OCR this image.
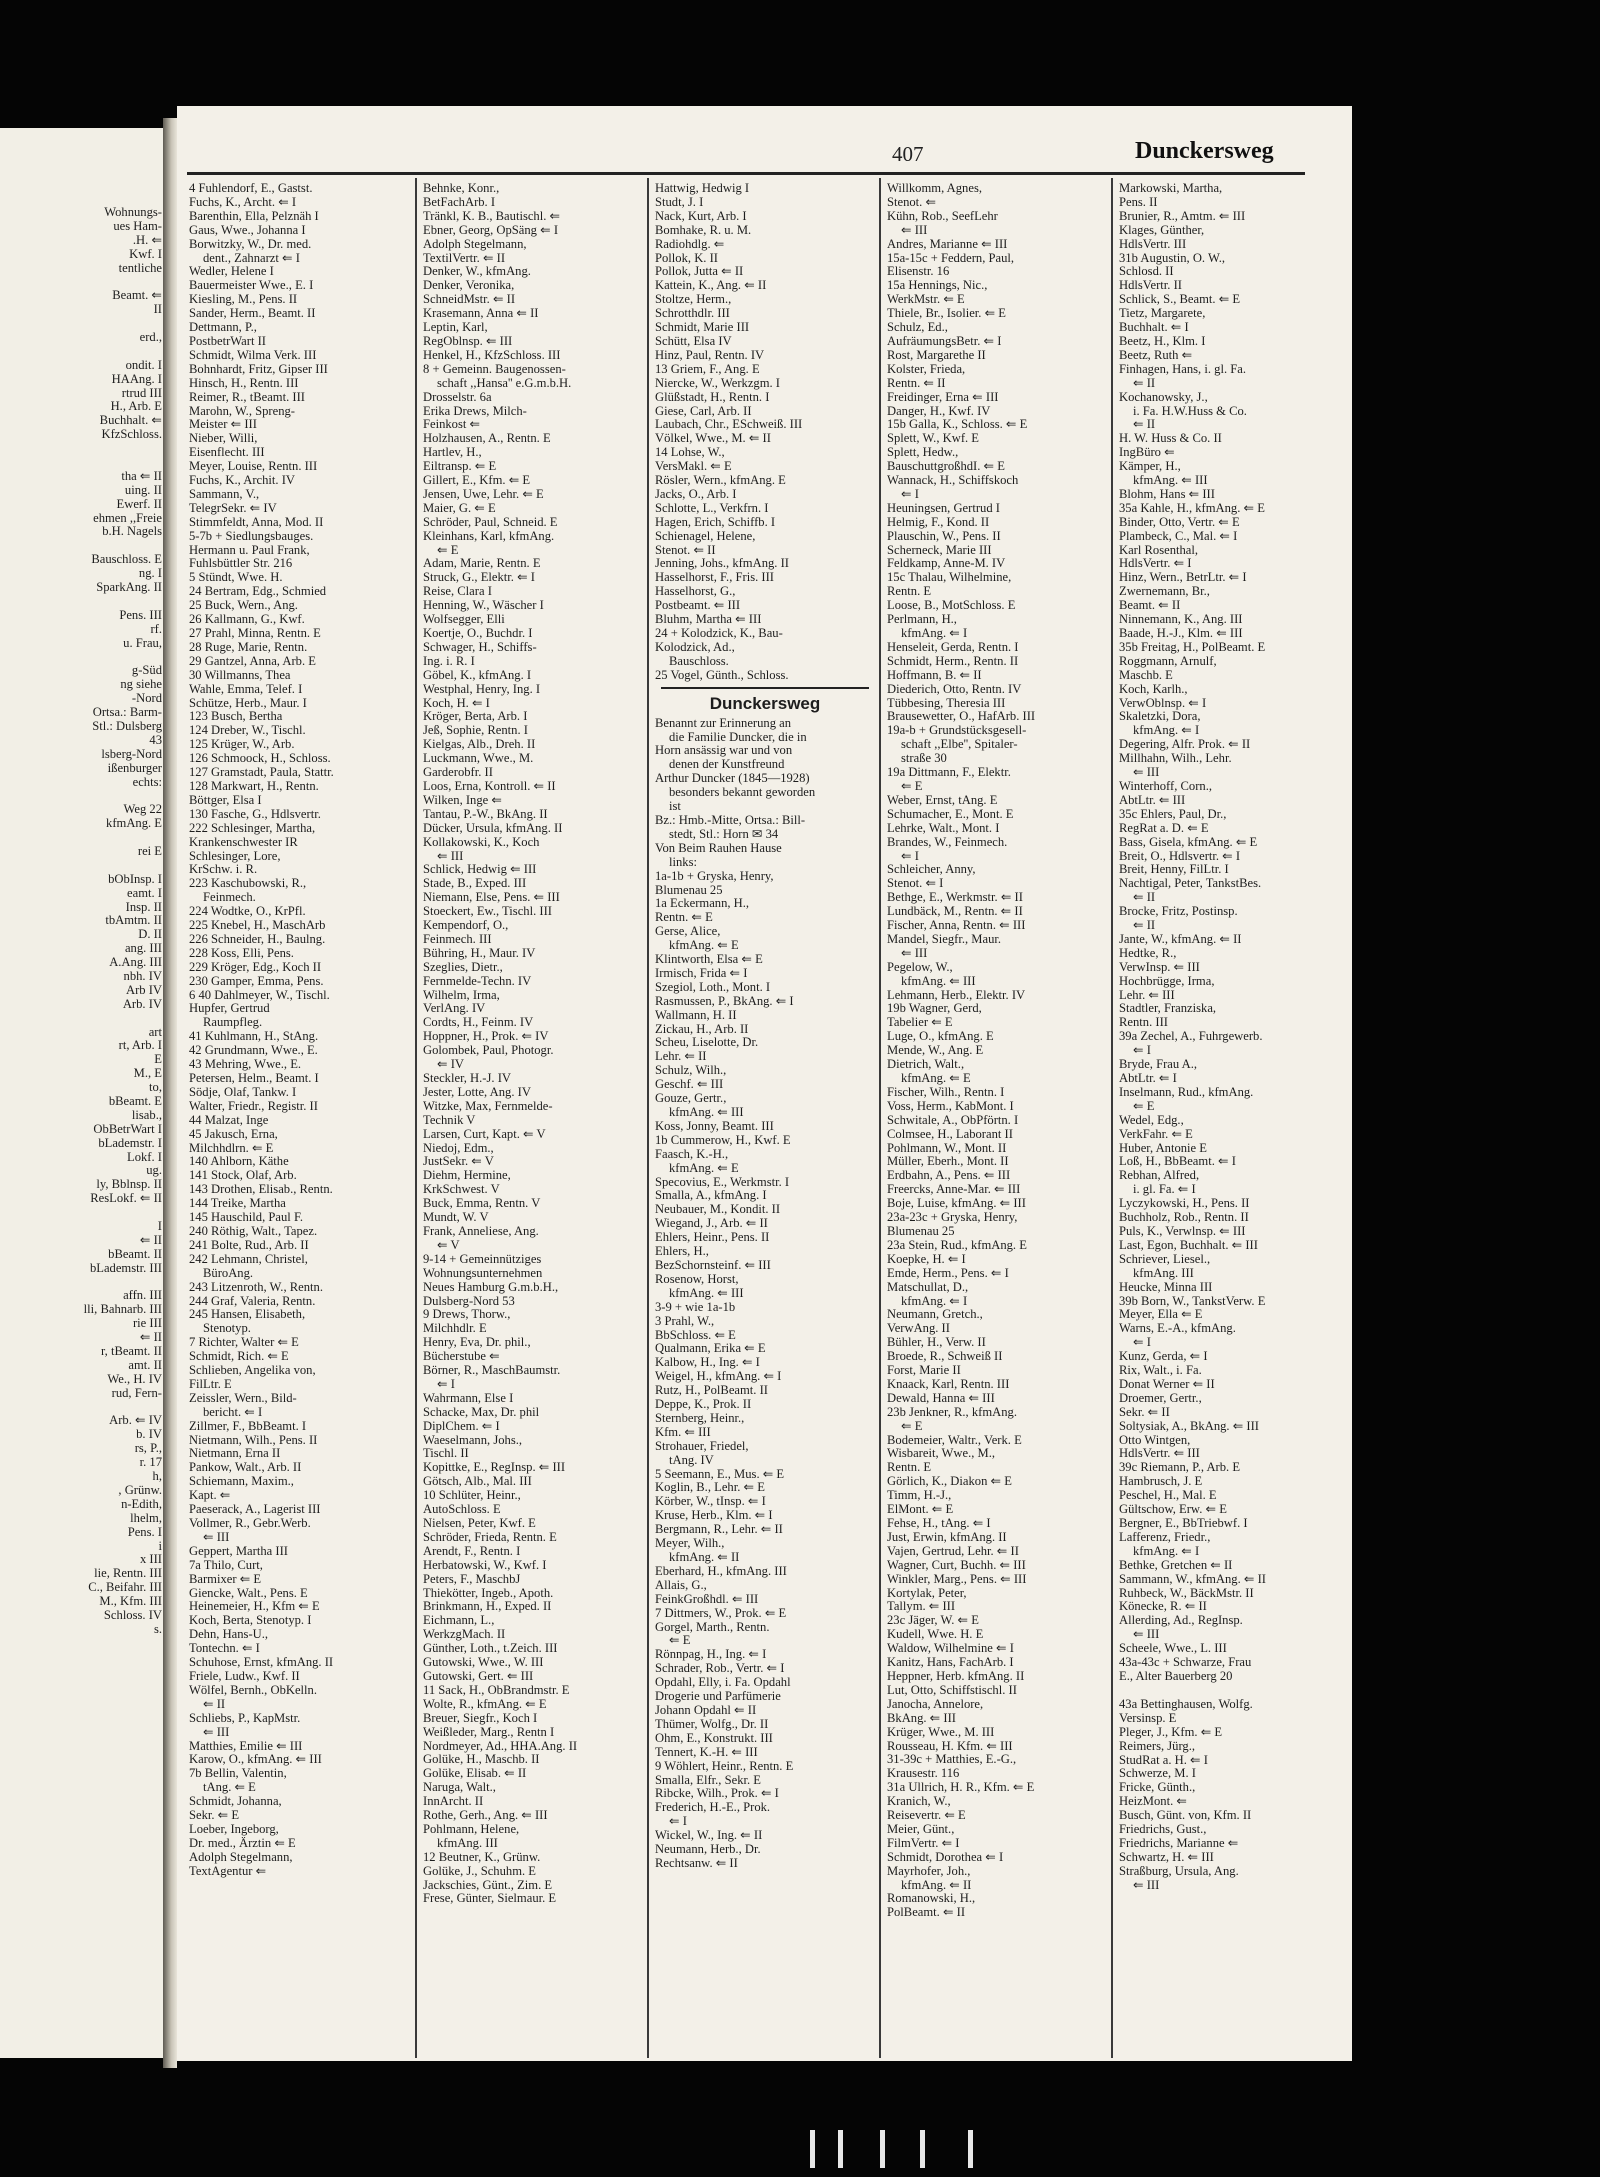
Wohnungs-
ues Ham-
.H. ⇐
Kwf. I
tentliche
Beamt. ⇐
II
erd.,
ondit. I
HAAng. I
rtrud III
H., Arb. E
Buchhalt. ⇐
KfzSchloss.
tha ⇐ II
uing. II
Ewerf. II
ehmen ,,Freie
b.H. Nagels
Bauschloss. E
ng. I
SparkAng. II
Pens. III
rf.
u. Frau,
g-Süd
ng siehe
-Nord
Ortsa.: Barm-
Stl.: Dulsberg
43
lsberg-Nord
ißenburger
echts:
Weg 22
kfmAng. E
rei E
bObInsp. I
eamt. I
Insp. II
tbAmtm. II
D. II
ang. III
A.Ang. III
nbh. IV
Arb IV
Arb. IV
art
rt, Arb. I
E
M., E
to,
bBeamt. E
lisab.,
ObBetrWart I
bLademstr. I
Lokf. I
ug.
ly, Bblnsp. II
ResLokf. ⇐ II
I
⇐ II
bBeamt. II
bLademstr. III
affn. III
lli, Bahnarb. III
rie III
⇐ II
r, tBeamt. II
amt. II
We., H. IV
rud, Fern-
Arb. ⇐ IV
b. IV
rs, P.,
r. 17
h,
, Grünw.
n-Edith,
lhelm,
Pens. I
i
x III
lie, Rentn. III
C., Beifahr. III
M., Kfm. III
Schloss. IV
s.
407	Dunckersweg
4 Fuhlendorf, E., Gastst.
Fuchs, K., Archt. ⇐ I
Barenthin, Ella, Pelznäh I
Gaus, Wwe., Johanna I
Borwitzky, W., Dr. med.
dent., Zahnarzt ⇐ I
Wedler, Helene I
Bauermeister Wwe., E. I
Kiesling, M., Pens. II
Sander, Herm., Beamt. II
Dettmann, P.,
PostbetrWart II
Schmidt, Wilma Verk. III
Bohnhardt, Fritz, Gipser III
Hinsch, H., Rentn. III
Reimer, R., tBeamt. III
Marohn, W., Spreng-
Meister ⇐ III
Nieber, Willi,
Eisenflecht. III
Meyer, Louise, Rentn. III
Fuchs, K., Archit. IV
Sammann, V.,
TelegrSekr. ⇐ IV
Stimmfeldt, Anna, Mod. II
5-7b + Siedlungsbauges.
Hermann u. Paul Frank,
Fuhlsbüttler Str. 216
5 Stündt, Wwe. H.
24 Bertram, Edg., Schmied
25 Buck, Wern., Ang.
26 Kallmann, G., Kwf.
27 Prahl, Minna, Rentn. E
28 Ruge, Marie, Rentn.
29 Gantzel, Anna, Arb. E
30 Willmanns, Thea
Wahle, Emma, Telef. I
Schütze, Herb., Maur. I
123 Busch, Bertha
124 Dreber, W., Tischl.
125 Krüger, W., Arb.
126 Schmoock, H., Schloss.
127 Gramstadt, Paula, Stattr.
128 Markwart, H., Rentn.
Böttger, Elsa I
130 Fasche, G., Hdlsvertr.
222 Schlesinger, Martha,
Krankenschwester IR
Schlesinger, Lore,
KrSchw. i. R.
223 Kaschubowski, R.,
Feinmech.
224 Wodtke, O., KrPfl.
225 Knebel, H., MaschArb
226 Schneider, H., Baulng.
228 Koss, Elli, Pens.
229 Kröger, Edg., Koch II
230 Gamper, Emma, Pens.
6 40 Dahlmeyer, W., Tischl.
Hupfer, Gertrud
Raumpfleg.
41 Kuhlmann, H., StAng.
42 Grundmann, Wwe., E.
43 Mehring, Wwe., E.
Petersen, Helm., Beamt. I
Södje, Olaf, Tankw. I
Walter, Friedr., Registr. II
44 Malzat, Inge
45 Jakusch, Erna,
Milchhdlrn. ⇐ E
140 Ahlborn, Käthe
141 Stock, Olaf, Arb.
143 Drothen, Elisab., Rentn.
144 Treike, Martha
145 Hauschild, Paul F.
240 Röthig, Walt., Tapez.
241 Bolte, Rud., Arb. II
242 Lehmann, Christel,
BüroAng.
243 Litzenroth, W., Rentn.
244 Graf, Valeria, Rentn.
245 Hansen, Elisabeth,
Stenotyp.
7 Richter, Walter ⇐ E
Schmidt, Rich. ⇐ E
Schlieben, Angelika von,
FilLtr. E
Zeissler, Wern., Bild-
bericht. ⇐ I
Zillmer, F., BbBeamt. I
Nietmann, Wilh., Pens. II
Nietmann, Erna II
Pankow, Walt., Arb. II
Schiemann, Maxim.,
Kapt. ⇐
Paeserack, A., Lagerist III
Vollmer, R., Gebr.Werb.
⇐ III
Geppert, Martha III
7a Thilo, Curt,
Barmixer ⇐ E
Giencke, Walt., Pens. E
Heinemeier, H., Kfm ⇐ E
Koch, Berta, Stenotyp. I
Dehn, Hans-U.,
Tontechn. ⇐ I
Schuhose, Ernst, kfmAng. II
Friele, Ludw., Kwf. II
Wölfel, Bernh., ObKelln.
⇐ II
Schliebs, P., KapMstr.
⇐ III
Matthies, Emilie ⇐ III
Karow, O., kfmAng. ⇐ III
7b Bellin, Valentin,
tAng. ⇐ E
Schmidt, Johanna,
Sekr. ⇐ E
Loeber, Ingeborg,
Dr. med., Ärztin ⇐ E
Adolph Stegelmann,
TextAgentur ⇐
Behnke, Konr.,
BetFachArb. I
Tränkl, K. B., Bautischl. ⇐
Ebner, Georg, OpSäng ⇐ I
Adolph Stegelmann,
TextilVertr. ⇐ II
Denker, W., kfmAng.
Denker, Veronika,
SchneidMstr. ⇐ II
Krasemann, Anna ⇐ II
Leptin, Karl,
RegOblnsp. ⇐ III
Henkel, H., KfzSchloss. III
8 + Gemeinn. Baugenossen-
schaft ,,Hansa'' e.G.m.b.H.
Drosselstr. 6a
Erika Drews, Milch-
Feinkost ⇐
Holzhausen, A., Rentn. E
Hartlev, H.,
Eiltransp. ⇐ E
Gillert, E., Kfm. ⇐ E
Jensen, Uwe, Lehr. ⇐ E
Maier, G. ⇐ E
Schröder, Paul, Schneid. E
Kleinhans, Karl, kfmAng.
⇐ E
Adam, Marie, Rentn. E
Struck, G., Elektr. ⇐ I
Reise, Clara I
Henning, W., Wäscher I
Wolfsegger, Elli
Koertje, O., Buchdr. I
Schwager, H., Schiffs-
Ing. i. R. I
Göbel, K., kfmAng. I
Westphal, Henry, Ing. I
Koch, H. ⇐ I
Kröger, Berta, Arb. I
Jeß, Sophie, Rentn. I
Kielgas, Alb., Dreh. II
Luckmann, Wwe., M.
Garderobfr. II
Loos, Erna, Kontroll. ⇐ II
Wilken, Inge ⇐
Tantau, P.-W., BkAng. II
Dücker, Ursula, kfmAng. II
Kollakowski, K., Koch
⇐ III
Schlick, Hedwig ⇐ III
Stade, B., Exped. III
Niemann, Else, Pens. ⇐ III
Stoeckert, Ew., Tischl. III
Kempendorf, O.,
Feinmech. III
Bühring, H., Maur. IV
Szeglies, Dietr.,
Fernmelde-Techn. IV
Wilhelm, Irma,
VerlAng. IV
Cordts, H., Feinm. IV
Hoppner, H., Prok. ⇐ IV
Golombek, Paul, Photogr.
⇐ IV
Steckler, H.-J. IV
Jester, Lotte, Ang. IV
Witzke, Max, Fernmelde-
Technik V
Larsen, Curt, Kapt. ⇐ V
Niedoj, Edm.,
JustSekr. ⇐ V
Diehm, Hermine,
KrkSchwest. V
Buck, Emma, Rentn. V
Mundt, W. V
Frank, Anneliese, Ang.
⇐ V
9-14 + Gemeinnütziges
Wohnungsunternehmen
Neues Hamburg G.m.b.H.,
Dulsberg-Nord 53
9 Drews, Thorw.,
Milchhdlr. E
Henry, Eva, Dr. phil.,
Bücherstube ⇐
Börner, R., MaschBaumstr.
⇐ I
Wahrmann, Else I
Schacke, Max, Dr. phil
DiplChem. ⇐ I
Waeselmann, Johs.,
Tischl. II
Kopittke, E., RegInsp. ⇐ III
Götsch, Alb., Mal. III
10 Schlüter, Heinr.,
AutoSchloss. E
Nielsen, Peter, Kwf. E
Schröder, Frieda, Rentn. E
Arendt, F., Rentn. I
Herbatowski, W., Kwf. I
Peters, F., MaschbJ
Thiekötter, Ingeb., Apoth.
Brinkmann, H., Exped. II
Eichmann, L.,
WerkzgMach. II
Günther, Loth., t.Zeich. III
Gutowski, Wwe., W. III
Gutowski, Gert. ⇐ III
11 Sack, H., ObBrandmstr. E
Wolte, R., kfmAng. ⇐ E
Breuer, Siegfr., Koch I
Weißleder, Marg., Rentn I
Nordmeyer, Ad., HHA.Ang. II
Golüke, H., Maschb. II
Golüke, Elisab. ⇐ II
Naruga, Walt.,
InnArcht. II
Rothe, Gerh., Ang. ⇐ III
Pohlmann, Helene,
kfmAng. III
12 Beutner, K., Grünw.
Golüke, J., Schuhm. E
Jackschies, Günt., Zim. E
Frese, Günter, Sielmaur. E
Hattwig, Hedwig I
Studt, J. I
Nack, Kurt, Arb. I
Bomhake, R. u. M.
Radiohdlg. ⇐
Pollok, K. II
Pollok, Jutta ⇐ II
Kattein, K., Ang. ⇐ II
Stoltze, Herm.,
Schrotthdlr. III
Schmidt, Marie III
Schütt, Elsa IV
Hinz, Paul, Rentn. IV
13 Griem, F., Ang. E
Niercke, W., Werkzgm. I
Glüßstadt, H., Rentn. I
Giese, Carl, Arb. II
Laubach, Chr., ESchweiß. III
Völkel, Wwe., M. ⇐ II
14 Lohse, W.,
VersMakl. ⇐ E
Rösler, Wern., kfmAng. E
Jacks, O., Arb. I
Schlotte, L., Verkfrn. I
Hagen, Erich, Schiffb. I
Schienagel, Helene,
Stenot. ⇐ II
Jenning, Johs., kfmAng. II
Hasselhorst, F., Fris. III
Hasselhorst, G.,
Postbeamt. ⇐ III
Bluhm, Martha ⇐ III
24 + Kolodzick, K., Bau-
Kolodzick, Ad.,
Bauschloss.
25 Vogel, Günth., Schloss.
Dunckersweg
Benannt zur Erinnerung an
die Familie Duncker, die in
Horn ansässig war und von
denen der Kunstfreund
Arthur Duncker (1845—1928)
besonders bekannt geworden
ist
Bz.: Hmb.-Mitte, Ortsa.: Bill-
stedt, Stl.: Horn ✉ 34
Von Beim Rauhen Hause
links:
1a-1b + Gryska, Henry,
Blumenau 25
1a Eckermann, H.,
Rentn. ⇐ E
Gerse, Alice,
kfmAng. ⇐ E
Klintworth, Elsa ⇐ E
Irmisch, Frida ⇐ I
Szegiol, Loth., Mont. I
Rasmussen, P., BkAng. ⇐ I
Wallmann, H. II
Zickau, H., Arb. II
Scheu, Liselotte, Dr.
Lehr. ⇐ II
Schulz, Wilh.,
Geschf. ⇐ III
Gouze, Gertr.,
kfmAng. ⇐ III
Koss, Jonny, Beamt. III
1b Cummerow, H., Kwf. E
Faasch, K.-H.,
kfmAng. ⇐ E
Specovius, E., Werkmstr. I
Smalla, A., kfmAng. I
Neubauer, M., Kondit. II
Wiegand, J., Arb. ⇐ II
Ehlers, Heinr., Pens. II
Ehlers, H.,
BezSchornsteinf. ⇐ III
Rosenow, Horst,
kfmAng. ⇐ III
3-9 + wie 1a-1b
3 Prahl, W.,
BbSchloss. ⇐ E
Qualmann, Erika ⇐ E
Kalbow, H., Ing. ⇐ I
Weigel, H., kfmAng. ⇐ I
Rutz, H., PolBeamt. II
Deppe, K., Prok. II
Sternberg, Heinr.,
Kfm. ⇐ III
Strohauer, Friedel,
tAng. IV
5 Seemann, E., Mus. ⇐ E
Koglin, B., Lehr. ⇐ E
Körber, W., tInsp. ⇐ I
Kruse, Herb., Klm. ⇐ I
Bergmann, R., Lehr. ⇐ II
Meyer, Wilh.,
kfmAng. ⇐ II
Eberhard, H., kfmAng. III
Allais, G.,
FeinkGroßhdl. ⇐ III
7 Dittmers, W., Prok. ⇐ E
Gorgel, Marth., Rentn.
⇐ E
Rönnpag, H., Ing. ⇐ I
Schrader, Rob., Vertr. ⇐ I
Opdahl, Elly, i. Fa. Opdahl
Drogerie und Parfümerie
Johann Opdahl ⇐ II
Thümer, Wolfg., Dr. II
Ohm, E., Konstrukt. III
Tennert, K.-H. ⇐ III
9 Wöhlert, Heinr., Rentn. E
Smalla, Elfr., Sekr. E
Ribcke, Wilh., Prok. ⇐ I
Frederich, H.-E., Prok.
⇐ I
Wickel, W., Ing. ⇐ II
Neumann, Herb., Dr.
Rechtsanw. ⇐ II
Willkomm, Agnes,
Stenot. ⇐
Kühn, Rob., SeefLehr
⇐ III
Andres, Marianne ⇐ III
15a-15c + Feddern, Paul,
Elisenstr. 16
15a Hennings, Nic.,
WerkMstr. ⇐ E
Thiele, Br., Isolier. ⇐ E
Schulz, Ed.,
AufräumungsBetr. ⇐ I
Rost, Margarethe II
Kolster, Frieda,
Rentn. ⇐ II
Freidinger, Erna ⇐ III
Danger, H., Kwf. IV
15b Galla, K., Schloss. ⇐ E
Splett, W., Kwf. E
Splett, Hedw.,
BauschuttgroßhdI. ⇐ E
Wannack, H., Schiffskoch
⇐ I
Heuningsen, Gertrud I
Helmig, F., Kond. II
Plauschin, W., Pens. II
Scherneck, Marie III
Feldkamp, Anne-M. IV
15c Thalau, Wilhelmine,
Rentn. E
Loose, B., MotSchloss. E
Perlmann, H.,
kfmAng. ⇐ I
Henseleit, Gerda, Rentn. I
Schmidt, Herm., Rentn. II
Hoffmann, B. ⇐ II
Diederich, Otto, Rentn. IV
Tübbesing, Theresia III
Brausewetter, O., HafArb. III
19a-b + Grundstücksgesell-
schaft ,,Elbe'', Spitaler-
straße 30
19a Dittmann, F., Elektr.
⇐ E
Weber, Ernst, tAng. E
Schumacher, E., Mont. E
Lehrke, Walt., Mont. I
Brandes, W., Feinmech.
⇐ I
Schleicher, Anny,
Stenot. ⇐ I
Bethge, E., Werkmstr. ⇐ II
Lundbäck, M., Rentn. ⇐ II
Fischer, Anna, Rentn. ⇐ III
Mandel, Siegfr., Maur.
⇐ III
Pegelow, W.,
kfmAng. ⇐ III
Lehmann, Herb., Elektr. IV
19b Wagner, Gerd,
Tabelier ⇐ E
Luge, O., kfmAng. E
Mende, W., Ang. E
Dietrich, Walt.,
kfmAng. ⇐ E
Fischer, Wilh., Rentn. I
Voss, Herm., KabMont. I
Schwitale, A., ObPförtn. I
Colmsee, H., Laborant II
Pohlmann, W., Mont. II
Müller, Eberh., Mont. II
Erdbahn, A., Pens. ⇐ III
Freercks, Anne-Mar. ⇐ III
Boje, Luise, kfmAng. ⇐ III
23a-23c + Gryska, Henry,
Blumenau 25
23a Stein, Rud., kfmAng. E
Koepke, H. ⇐ I
Emde, Herm., Pens. ⇐ I
Matschullat, D.,
kfmAng. ⇐ I
Neumann, Gretch.,
VerwAng. II
Bühler, H., Verw. II
Broede, R., Schweiß II
Forst, Marie II
Knaack, Karl, Rentn. III
Dewald, Hanna ⇐ III
23b Jenkner, R., kfmAng.
⇐ E
Bodemeier, Waltr., Verk. E
Wisbareit, Wwe., M.,
Rentn. E
Görlich, K., Diakon ⇐ E
Timm, H.-J.,
ElMont. ⇐ E
Fehse, H., tAng. ⇐ I
Just, Erwin, kfmAng. II
Vajen, Gertrud, Lehr. ⇐ II
Wagner, Curt, Buchh. ⇐ III
Winkler, Marg., Pens. ⇐ III
Kortylak, Peter,
Tallym. ⇐ III
23c Jäger, W. ⇐ E
Kudell, Wwe. H. E
Waldow, Wilhelmine ⇐ I
Kanitz, Hans, FachArb. I
Heppner, Herb. kfmAng. II
Lut, Otto, Schiffstischl. II
Janocha, Annelore,
BkAng. ⇐ III
Krüger, Wwe., M. III
Rousseau, H. Kfm. ⇐ III
31-39c + Matthies, E.-G.,
Krausestr. 116
31a Ullrich, H. R., Kfm. ⇐ E
Kranich, W.,
Reisevertr. ⇐ E
Meier, Günt.,
FilmVertr. ⇐ I
Schmidt, Dorothea ⇐ I
Mayrhofer, Joh.,
kfmAng. ⇐ II
Romanowski, H.,
PolBeamt. ⇐ II
Markowski, Martha,
Pens. II
Brunier, R., Amtm. ⇐ III
Klages, Günther,
HdlsVertr. III
31b Augustin, O. W.,
Schlosd. II
HdlsVertr. II
Schlick, S., Beamt. ⇐ E
Tietz, Margarete,
Buchhalt. ⇐ I
Beetz, H., Klm. I
Beetz, Ruth ⇐
Finhagen, Hans, i. gl. Fa.
⇐ II
Kochanowsky, J.,
i. Fa. H.W.Huss & Co.
⇐ II
H. W. Huss & Co. II
IngBüro ⇐
Kämper, H.,
kfmAng. ⇐ III
Blohm, Hans ⇐ III
35a Kahle, H., kfmAng. ⇐ E
Binder, Otto, Vertr. ⇐ E
Plambeck, C., Mal. ⇐ I
Karl Rosenthal,
HdlsVertr. ⇐ I
Hinz, Wern., BetrLtr. ⇐ I
Zwernemann, Br.,
Beamt. ⇐ II
Ninnemann, K., Ang. III
Baade, H.-J., Klm. ⇐ III
35b Freitag, H., PolBeamt. E
Roggmann, Arnulf,
Maschb. E
Koch, Karlh.,
VerwOblnsp. ⇐ I
Skaletzki, Dora,
kfmAng. ⇐ I
Degering, Alfr. Prok. ⇐ II
Millhahn, Wilh., Lehr.
⇐ III
Winterhoff, Corn.,
AbtLtr. ⇐ III
35c Ehlers, Paul, Dr.,
RegRat a. D. ⇐ E
Bass, Gisela, kfmAng. ⇐ E
Breit, O., Hdlsvertr. ⇐ I
Breit, Henny, FilLtr. I
Nachtigal, Peter, TankstBes.
⇐ II
Brocke, Fritz, Postinsp.
⇐ II
Jante, W., kfmAng. ⇐ II
Hedtke, R.,
VerwInsp. ⇐ III
Hochbrügge, Irma,
Lehr. ⇐ III
Stadtler, Franziska,
Rentn. III
39a Zechel, A., Fuhrgewerb.
⇐ I
Bryde, Frau A.,
AbtLtr. ⇐ I
Inselmann, Rud., kfmAng.
⇐ E
Wedel, Edg.,
VerkFahr. ⇐ E
Huber, Antonie E
Loß, H., BbBeamt. ⇐ I
Rebhan, Alfred,
i. gl. Fa. ⇐ I
Lyczykowski, H., Pens. II
Buchholz, Rob., Rentn. II
Puls, K., Verwlnsp. ⇐ III
Last, Egon, Buchhalt. ⇐ III
Schriever, Liesel.,
kfmAng. III
Heucke, Minna III
39b Born, W., TankstVerw. E
Meyer, Ella ⇐ E
Warns, E.-A., kfmAng.
⇐ I
Kunz, Gerda, ⇐ I
Rix, Walt., i. Fa.
Donat Werner ⇐ II
Droemer, Gertr.,
Sekr. ⇐ II
Soltysiak, A., BkAng. ⇐ III
Otto Wintgen,
HdlsVertr. ⇐ III
39c Riemann, P., Arb. E
Hambrusch, J. E
Peschel, H., Mal. E
Gültschow, Erw. ⇐ E
Bergner, E., BbTriebwf. I
Lafferenz, Friedr.,
kfmAng. ⇐ I
Bethke, Gretchen ⇐ II
Sammann, W., kfmAng. ⇐ II
Ruhbeck, W., BäckMstr. II
Könecke, R. ⇐ II
Allerding, Ad., RegInsp.
⇐ III
Scheele, Wwe., L. III
43a-43c + Schwarze, Frau
E., Alter Bauerberg 20
43a Bettinghausen, Wolfg.
Versinsp. E
Pleger, J., Kfm. ⇐ E
Reimers, Jürg.,
StudRat a. H. ⇐ I
Schwerze, M. I
Fricke, Günth.,
HeizMont. ⇐
Busch, Günt. von, Kfm. II
Friedrichs, Gust.,
Friedrichs, Marianne ⇐
Schwartz, H. ⇐ III
Straßburg, Ursula, Ang.
⇐ III
